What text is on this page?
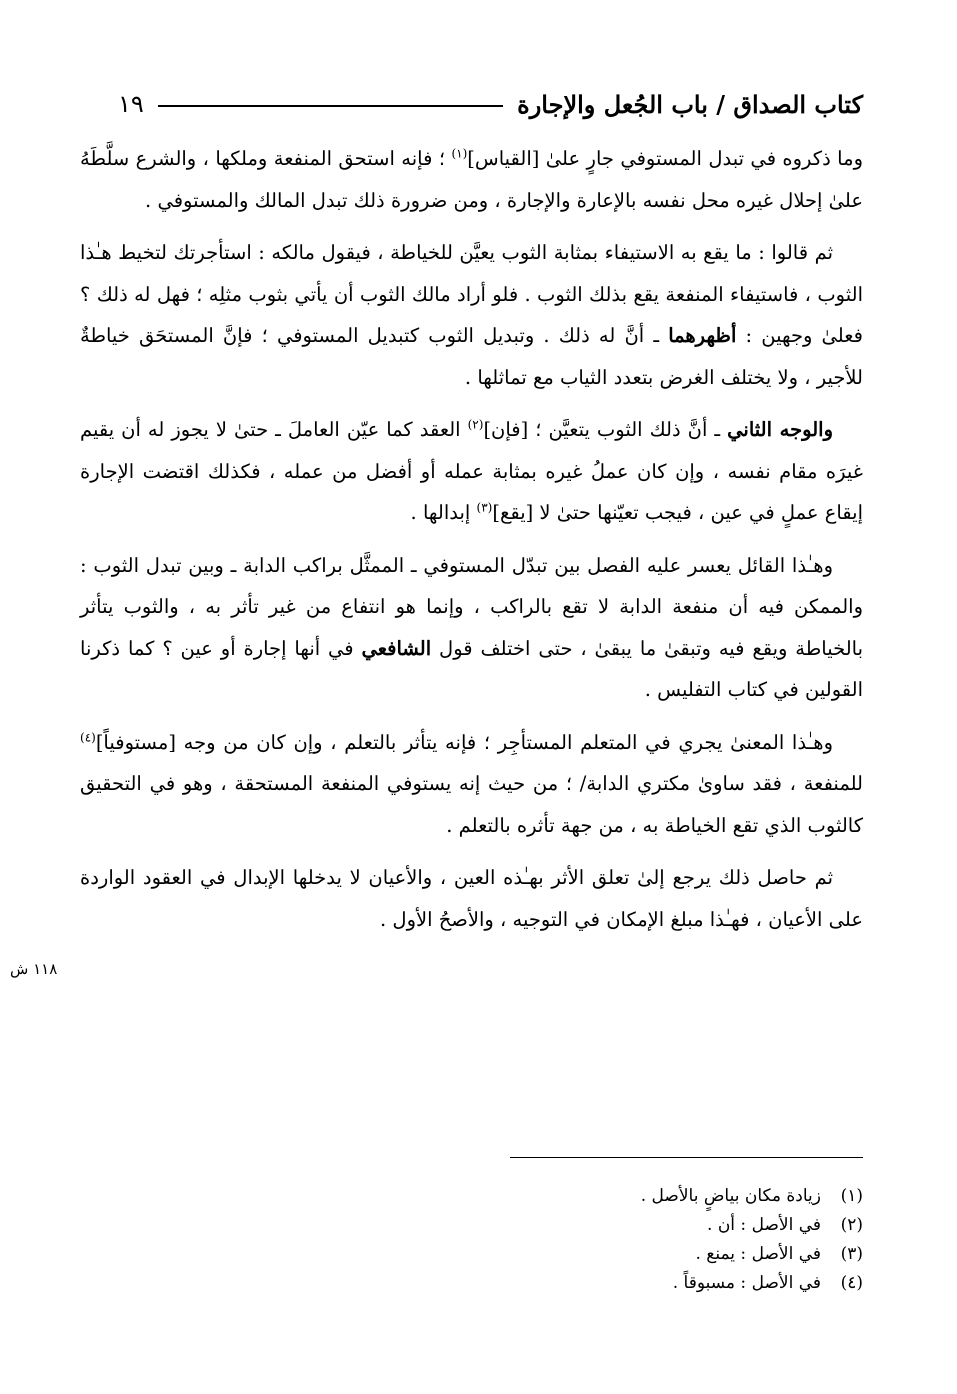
كتاب الصداق / باب الجُعل والإجارة
١٩

وما ذكروه في تبدل المستوفي جارٍ علىٰ [القياس]$^{(١)}$ ؛ فإنه استحق المنفعة وملكها ، والشرع سلَّطَهُ علىٰ إحلال غيره محل نفسه بالإعارة والإجارة ، ومن ضرورة ذلك تبدل المالك والمستوفي .

ثم قالوا : ما يقع به الاستيفاء بمثابة الثوب يعيَّن للخياطة ، فيقول مالكه : استأجرتك لتخيط هـٰذا الثوب ، فاستيفاء المنفعة يقع بذلك الثوب . فلو أراد مالك الثوب أن يأتي بثوب مثلِه ؛ فهل له ذلك ؟ فعلىٰ وجهين : أظهرهما ـ أنَّ له ذلك . وتبديل الثوب كتبديل المستوفي ؛ فإنَّ المستحَق خياطةٌ للأجير ، ولا يختلف الغرض بتعدد الثياب مع تماثلها .

والوجه الثاني ـ أنَّ ذلك الثوب يتعيَّن ؛ [فإن]$^{(٢)}$ العقد كما عيّن العاملَ ـ حتىٰ لا يجوز له أن يقيم غيرَه مقام نفسه ، وإن كان عملُ غيره بمثابة عمله أو أفضل من عمله ، فكذلك اقتضت الإجارة إيقاع عملٍ في عين ، فيجب تعيّنها حتىٰ لا [يقع]$^{(٣)}$ إبدالها .

وهـٰذا القائل يعسر عليه الفصل بين تبدّل المستوفي ـ الممثَّل براكب الدابة ـ وبين تبدل الثوب : والممكن فيه أن منفعة الدابة لا تقع بالراكب ، وإنما هو انتفاع من غير تأثر به ، والثوب يتأثر بالخياطة ويقع فيه وتبقىٰ ما يبقىٰ ، حتى اختلف قول الشافعي في أنها إجارة أو عين ؟ كما ذكرنا القولين في كتاب التفليس .

وهـٰذا المعنىٰ يجري في المتعلم المستأجِر ؛ فإنه يتأثر بالتعلم ، وإن كان من وجه [مستوفياً]$^{(٤)}$ للمنفعة ، فقد ساوىٰ مكتري الدابة/ ؛ من حيث إنه يستوفي المنفعة المستحقة ، وهو في التحقيق كالثوب الذي تقع الخياطة به ، من جهة تأثره بالتعلم .

ثم حاصل ذلك يرجع إلىٰ تعلق الأثر بهـٰذه العين ، والأعيان لا يدخلها الإبدال في العقود الواردة على الأعيان ، فهـٰذا مبلغ الإمكان في التوجيه ، والأصحُ الأول .

١١٨ ش
(١)
زيادة مكان بياضٍ بالأصل .
(٢)
في الأصل : أن .
(٣)
في الأصل : يمنع .
(٤)
في الأصل : مسبوقاً .
